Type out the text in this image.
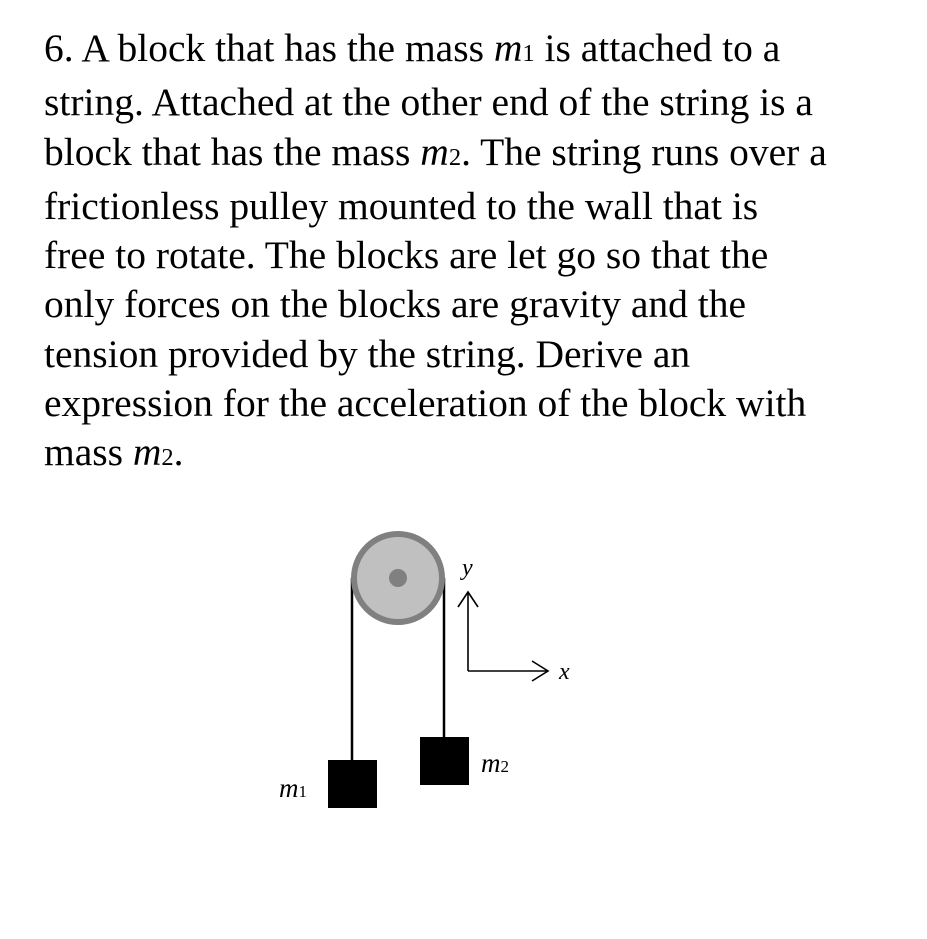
6. A block that has the mass m1 is attached to a
string. Attached at the other end of the string is a
block that has the mass m2. The string runs over a
frictionless pulley mounted to the wall that is
free to rotate. The blocks are let go so that the
only forces on the blocks are gravity and the
tension provided by the string. Derive an
expression for the acceleration of the block with
mass m2.
y
x
m1
m2
